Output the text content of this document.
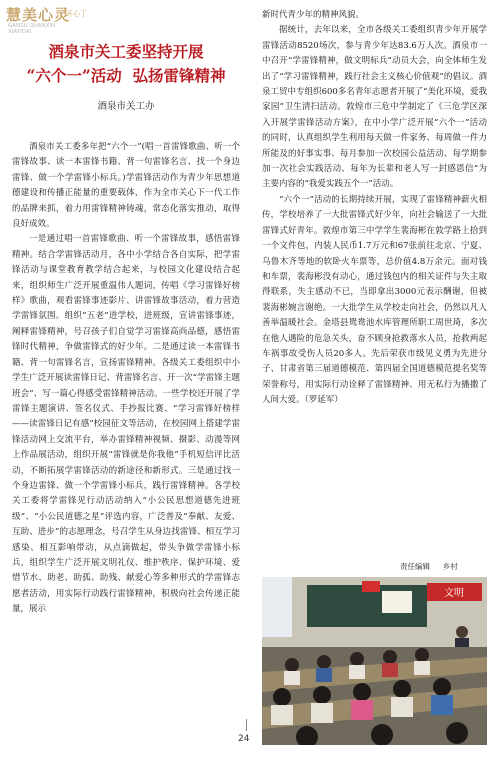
慧美心灵
开心丁
GANSU QUANXIN
XIAYIDAI
酒泉市关工委坚持开展
“六个一”活动  弘扬雷锋精神
酒泉市关工办

酒泉市关工委多年把“六个一”(唱一首雷锋歌曲、听一个雷锋故事、读一本雷锋书籍、背一句雷锋名言、找一个身边雷锋、做一个学雷锋小标兵。)学雷锋活动作为青少年思想道德建设和传播正能量的重要载体，作为全市关心下一代工作的品牌来抓，着力用雷锋精神铸魂，常态化落实推动，取得良好成效。

一是通过唱一首雷锋歌曲、听一个雷锋故事，感悟雷锋精神。结合学雷锋活动月，各中小学结合各自实际，把学雷锋活动与课堂教育教学结合起来，与校园文化建设结合起来，组织师生广泛开展重温伟人题词，传唱《学习雷锋好榜样》歌曲，观看雷锋事迹影片、讲雷锋故事活动，着力营造学雷锋氛围。组织“五老”进学校，进班级，宣讲雷锋事迹，阐释雷锋精神，号召孩子们自觉学习雷锋高尚品德，感悟雷锋时代精神，争做雷锋式的好少年。二是通过读一本雷锋书籍、背一句雷锋名言，宣扬雷锋精神。各级关工委组织中小学生广泛开展读雷锋日记、背雷锋名言、开一次“学雷锋主题班会”、写一篇心得感受雷锋精神活动。一些学校还开展了学雷锋主题演讲、签名仪式、手抄报比赛、“学习雷锋好榜样——读雷锋日记有感”校园征文等活动，在校园网上搭建学雷锋活动网上交流平台，举办雷锋精神视频、摄影、动漫等网上作品展活动，组织开展“雷锋就是你我他”手机短信评比活动，不断拓展学雷锋活动的新途径和新形式。三是通过找一个身边雷锋、做一个学雷锋小标兵，践行雷锋精神。各学校关工委将学雷锋见行动活动纳入“小公民思想道德先进班级”、“小公民道德之星”评选内容，广泛普及“奉献、友爱、互助、进步”的志愿理念，号召学生从身边找雷锋、相互学习感染、相互影响带动，从点滴做起，带头争做学雷锋小标兵，组织学生广泛开展文明礼仪、维护秩序、保护环境、爱惜节水、助老、助孤、助残、献爱心等多种形式的学雷锋志愿者活动，用实际行动践行雷锋精神，积极向社会传递正能量，展示

新时代青少年的精神风貌。

据统计，去年以来，全市各级关工委组织青少年开展学雷锋活动8520场次，参与青少年达83.6万人次。酒泉市一中召开“学雷锋精神，做文明标兵”动员大会，向全体师生发出了“学习雷锋精神，践行社会主义核心价值观”的倡议。酒泉工贸中专组织600多名青年志愿者开展了“美化环境，爱我家园”卫生清扫活动。敦煌市三危中学制定了《三危学区深入开展学雷锋活动方案》，在中小学广泛开展“六个一”活动的同时，认真组织学生利用每天做一件家务、每周做一件力所能及的好事实事、每月参加一次校园公益活动、每学期参加一次社会实践活动、每年为长辈和老人写一封感恩信”为主要内容的“我爱实践五个一”活动。

“六个一”活动的长期持续开展，实现了雷锋精神薪火相传，学校培养了一大批雷锋式好少年，向社会输送了一大批雷锋式好青年。敦煌市第三中学学生裴海彬在敦学路上拾到一个文件包，内装人民币1.7万元和67张前往北京、宁夏、乌鲁木齐等地的软卧火车票等，总价值4.8万余元。面对钱和车票，裴海彬没有动心，通过钱包内的相关证件与失主取得联系，失主感动不已，当即拿出3000元表示酬谢，但被裴海彬婉言谢绝。一大批学生从学校走向社会，仍然以凡人善举温暖社会。金塔县鸳鸯池水库管理所职工周世琦，多次在他人遇险的危急关头，奋不顾身抢救落水人员，抢救两起车祸事故受伤人员20多人。先后荣获市级见义勇为先进分子、甘肃省第三届道德模范、第四届全国道德模范提名奖等荣誉称号，用实际行动诠释了雷锋精神、用无私行为播撒了人间大爱。（罗延军）

责任编辑 乡村
文明
24
